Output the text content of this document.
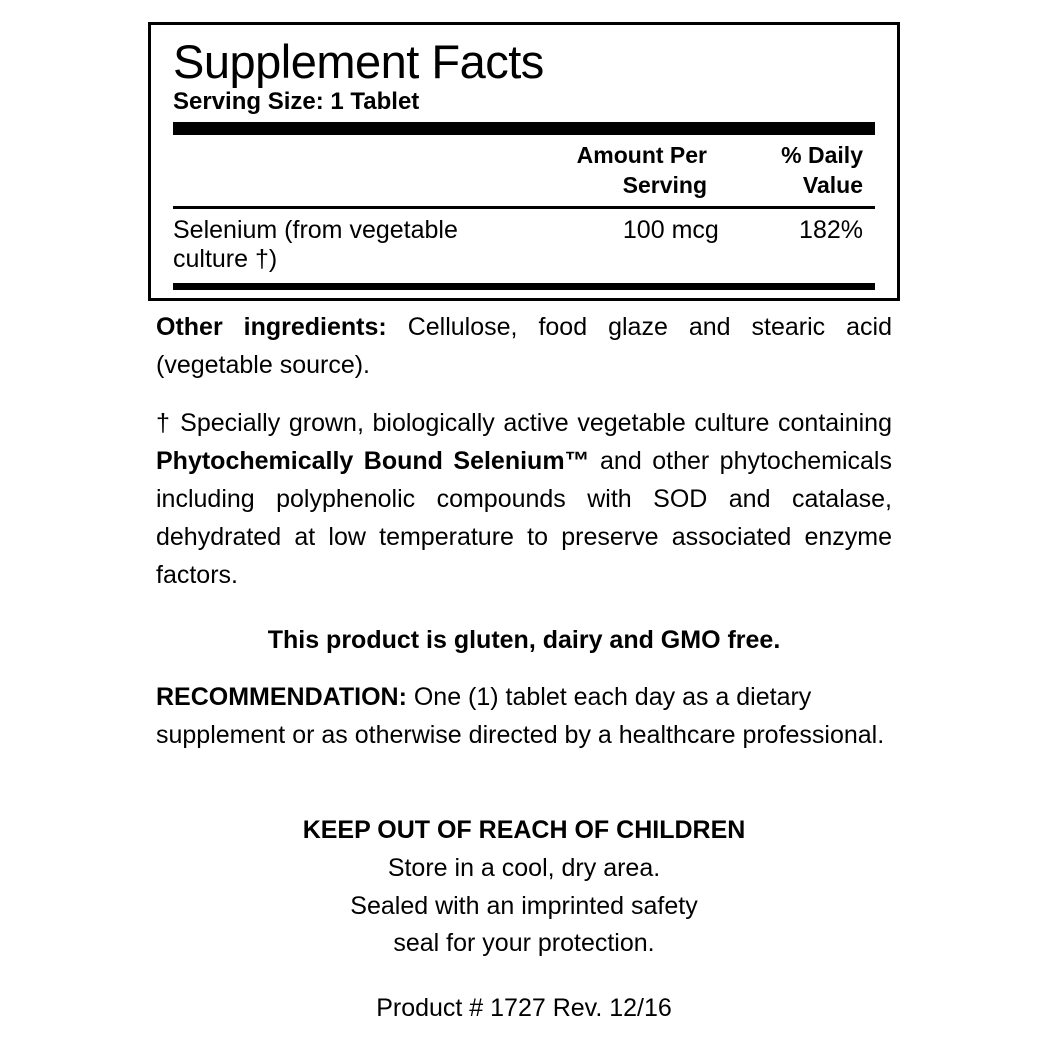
Supplement Facts
Serving Size: 1 Tablet
Amount Per
Serving
% Daily
Value
Selenium (from vegetable culture †)
100 mcg	182%

Other ingredients: Cellulose, food glaze and stearic acid (vegetable source).

† Specially grown, biologically active vegetable culture containing Phytochemically Bound Selenium™ and other phytochemicals including polyphenolic compounds with SOD and catalase, dehydrated at low temperature to preserve associated enzyme factors.

This product is gluten, dairy and GMO free.

RECOMMENDATION: One (1) tablet each day as a dietary supplement or as otherwise directed by a healthcare professional.

KEEP OUT OF REACH OF CHILDREN
Store in a cool, dry area.
Sealed with an imprinted safety
seal for your protection.
Product # 1727 Rev. 12/16
